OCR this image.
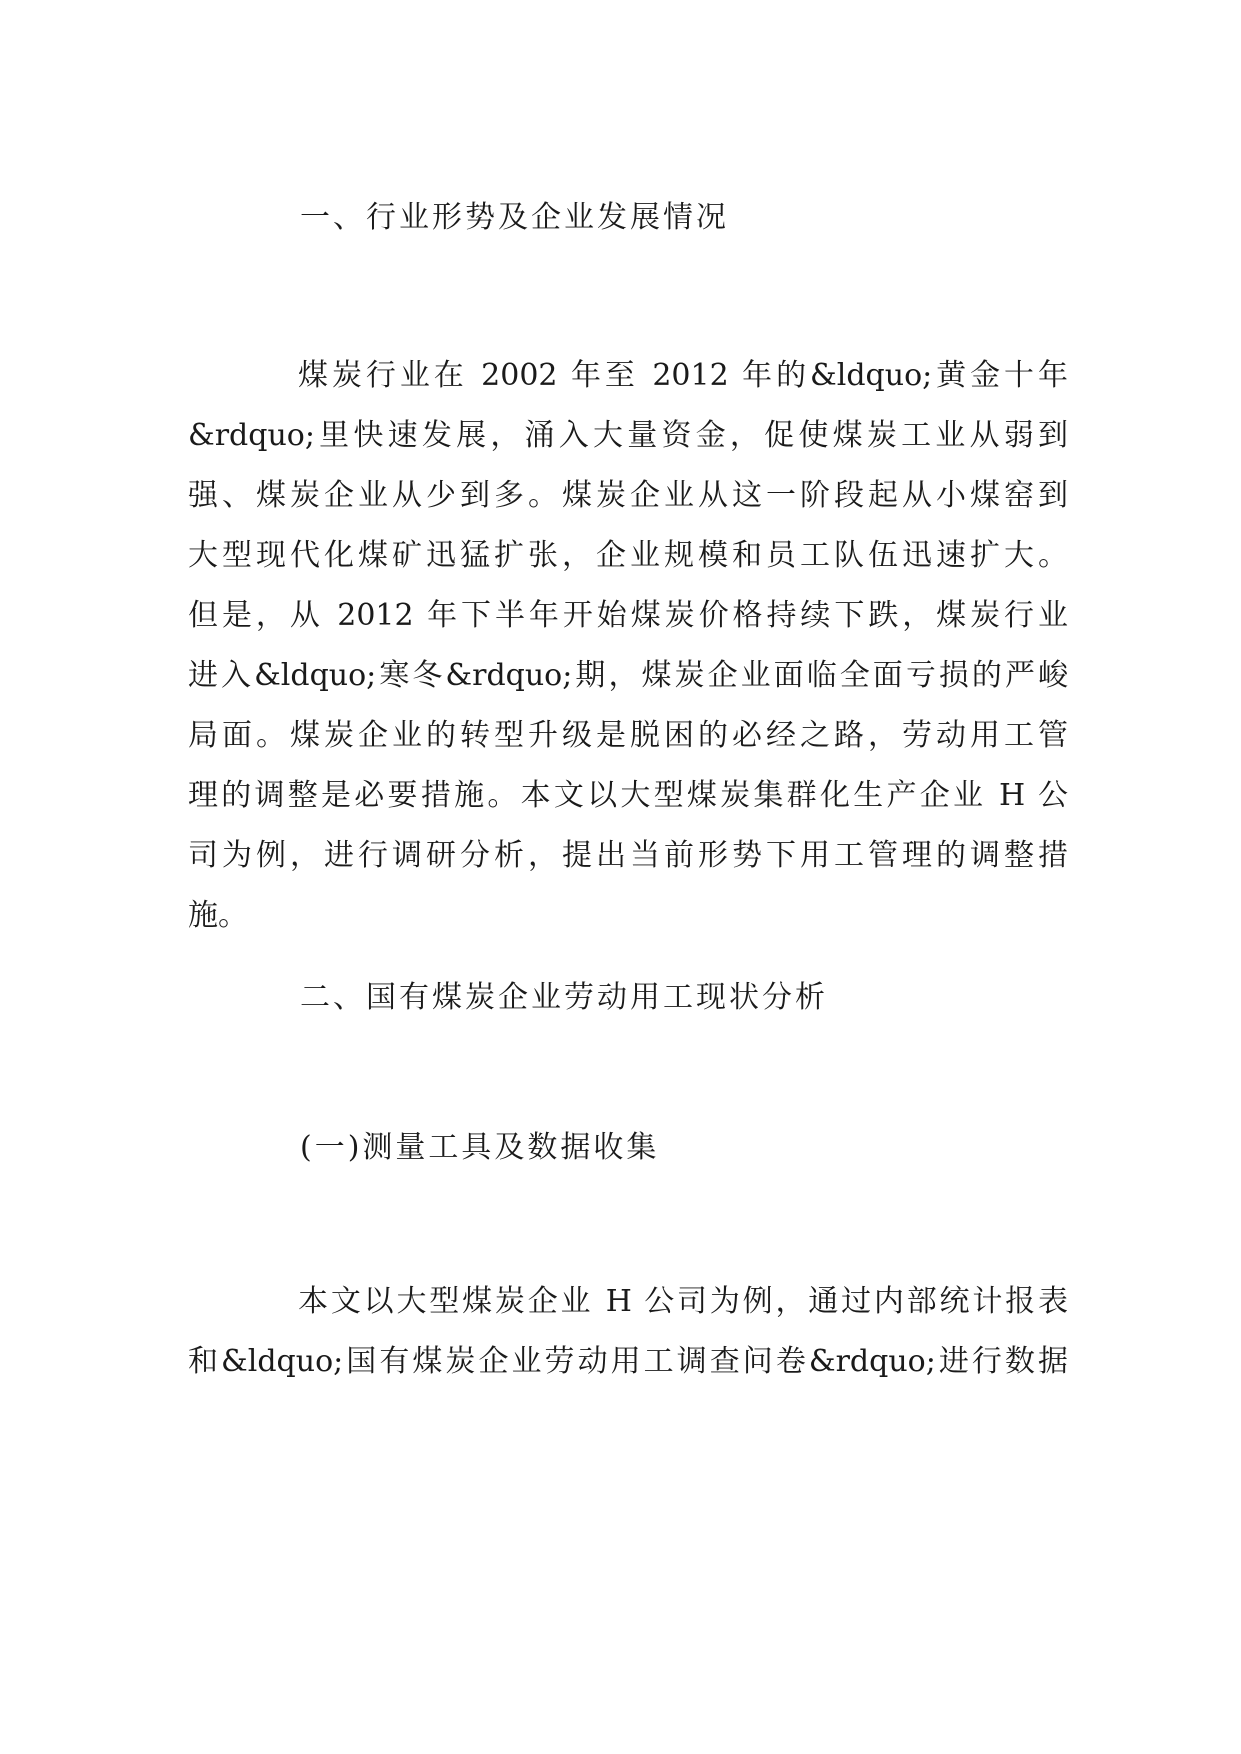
一、行业形势及企业发展情况
煤炭行业在 2002 年至 2012 年的&ldquo;黄金十年
&rdquo;里快速发展，涌入大量资金，促使煤炭工业从弱到
强、煤炭企业从少到多。煤炭企业从这一阶段起从小煤窑到
大型现代化煤矿迅猛扩张，企业规模和员工队伍迅速扩大。
但是，从 2012 年下半年开始煤炭价格持续下跌，煤炭行业
进入&ldquo;寒冬&rdquo;期，煤炭企业面临全面亏损的严峻
局面。煤炭企业的转型升级是脱困的必经之路，劳动用工管
理的调整是必要措施。本文以大型煤炭集群化生产企业 H 公
司为例，进行调研分析，提出当前形势下用工管理的调整措
施。
二、国有煤炭企业劳动用工现状分析
(一)测量工具及数据收集
本文以大型煤炭企业 H 公司为例，通过内部统计报表
和&ldquo;国有煤炭企业劳动用工调查问卷&rdquo;进行数据
